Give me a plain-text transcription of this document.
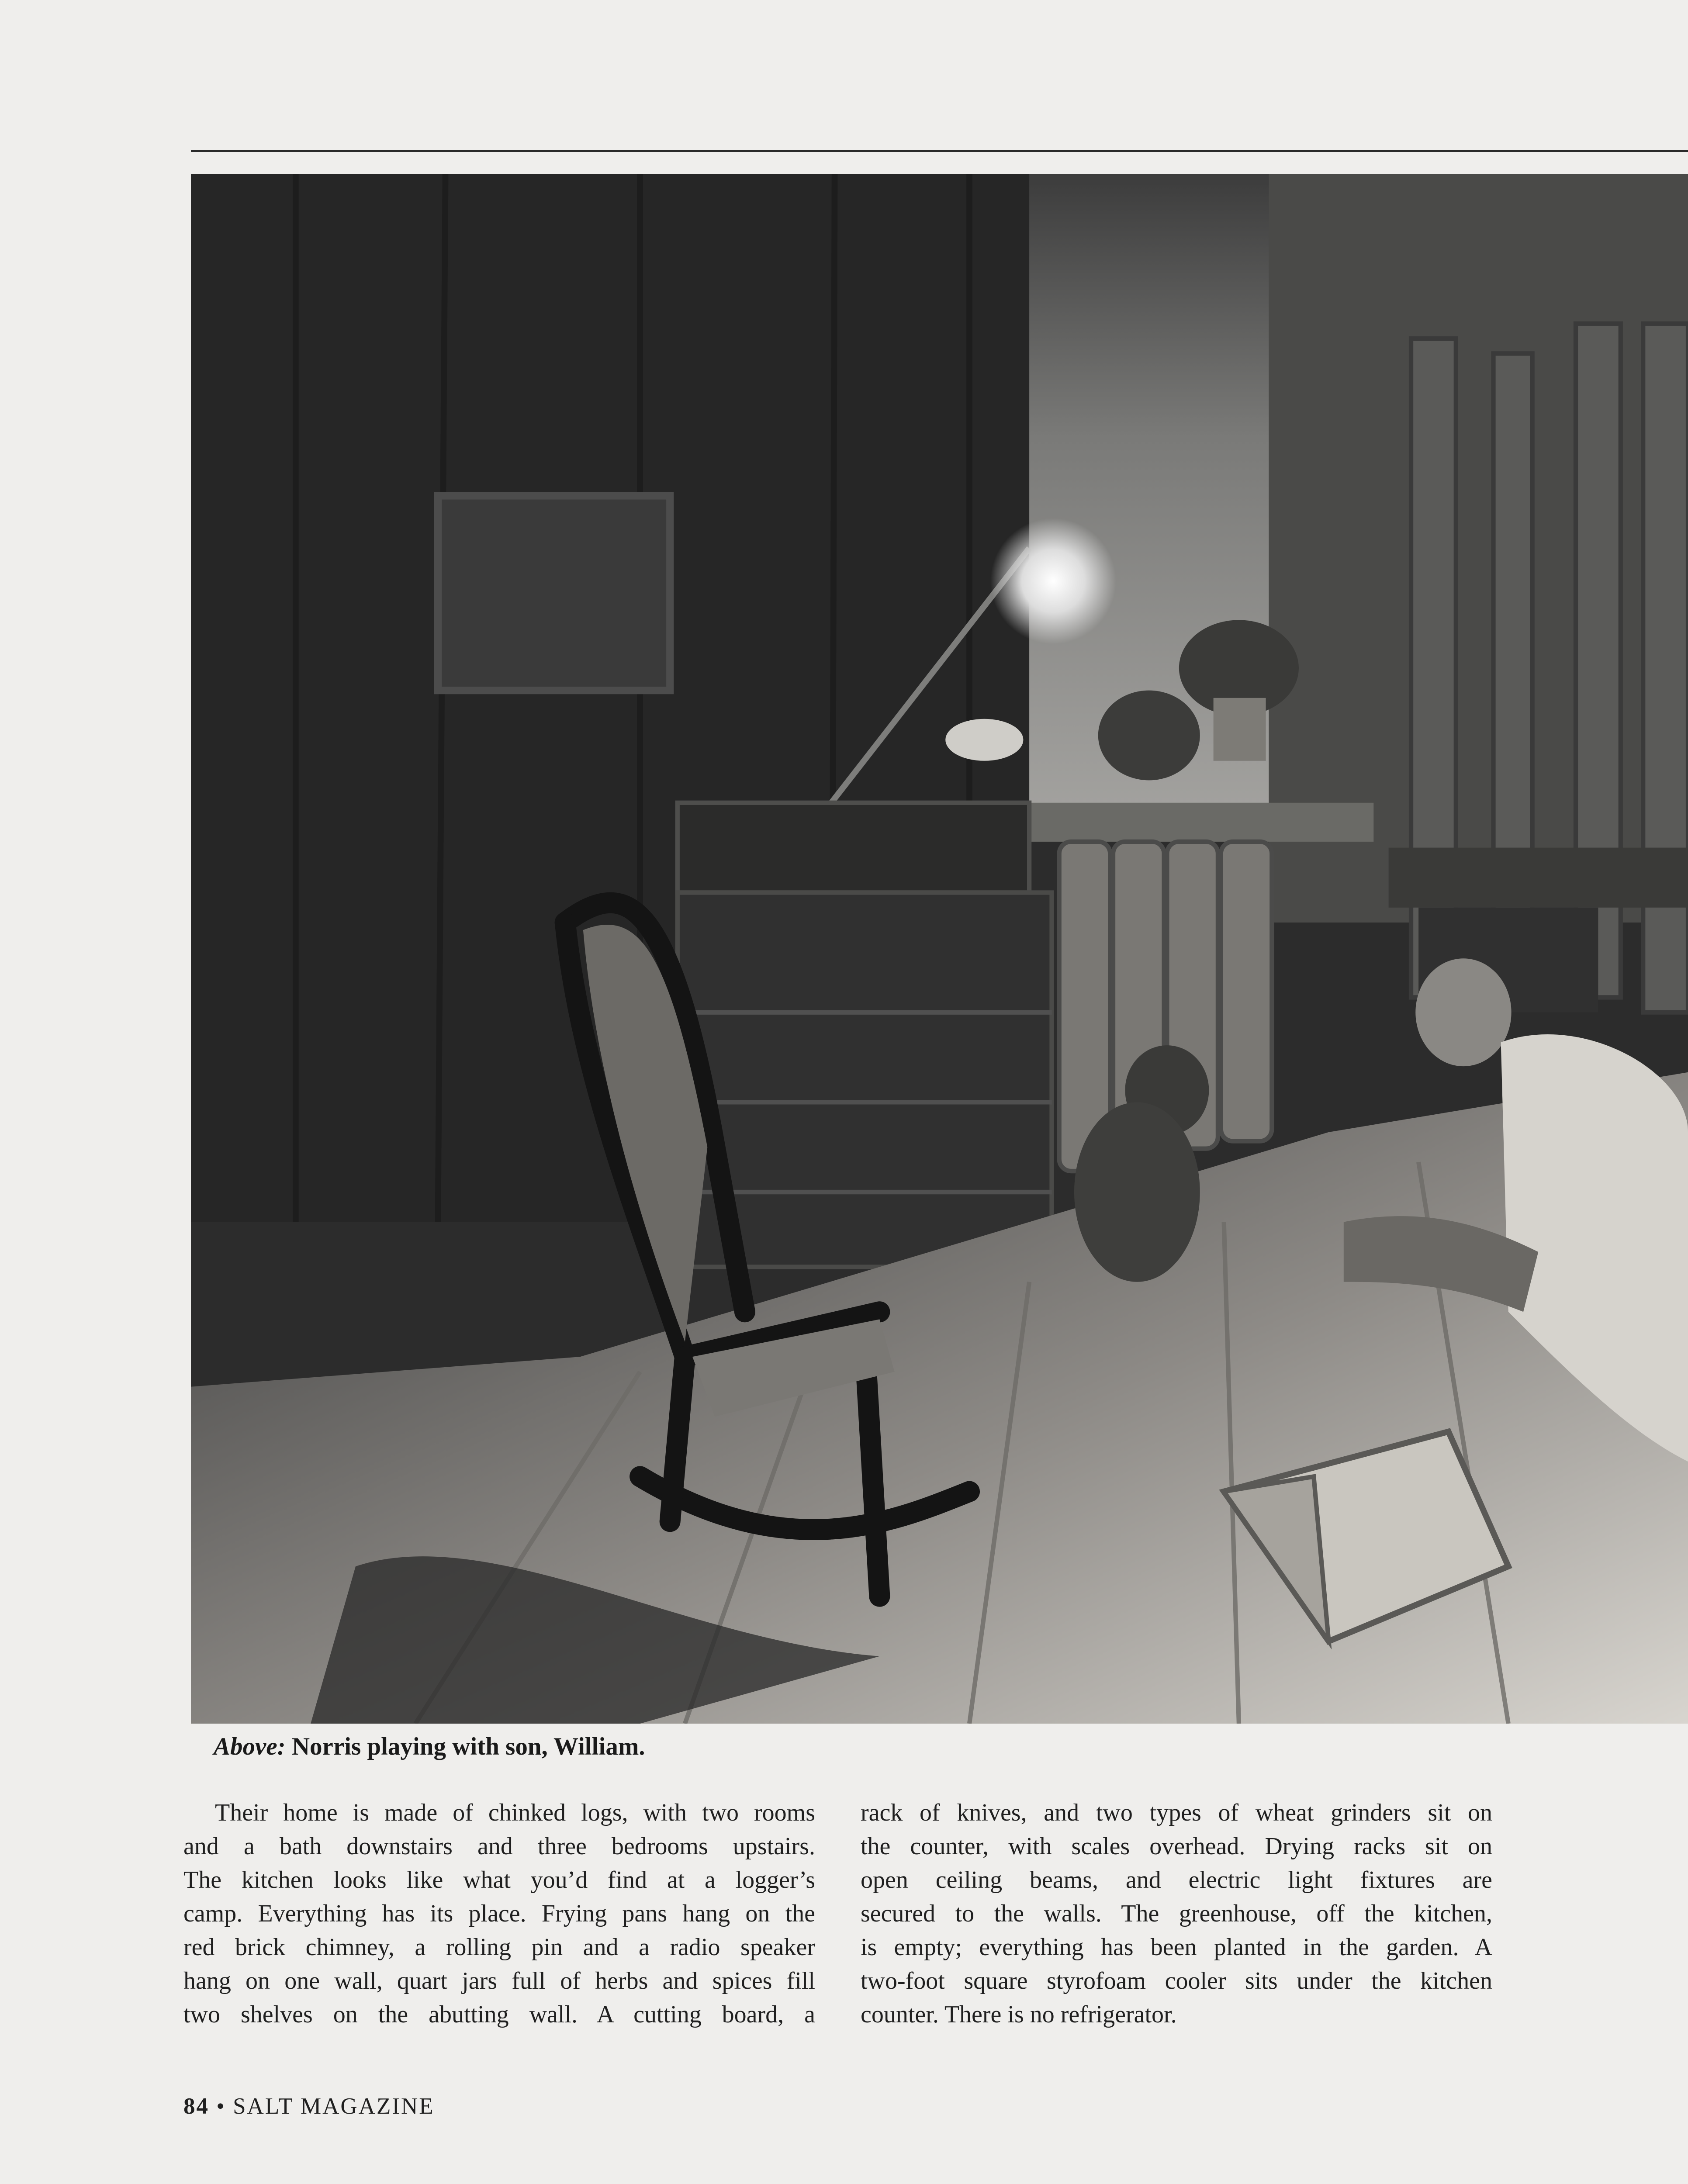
Above: Norris playing with son, William.
Their home is made of chinked logs, with two rooms
and a bath downstairs and three bedrooms upstairs.
The kitchen looks like what you’d find at a logger’s
camp. Everything has its place. Frying pans hang on the
red brick chimney, a rolling pin and a radio speaker
hang on one wall, quart jars full of herbs and spices fill
two shelves on the abutting wall. A cutting board, a
rack of knives, and two types of wheat grinders sit on
the counter, with scales overhead. Drying racks sit on
open ceiling beams, and electric light fixtures are
secured to the walls. The greenhouse, off the kitchen,
is empty; everything has been planted in the garden. A
two-foot square styrofoam cooler sits under the kitchen
counter. There is no refrigerator.
84 • SALT MAGAZINE
